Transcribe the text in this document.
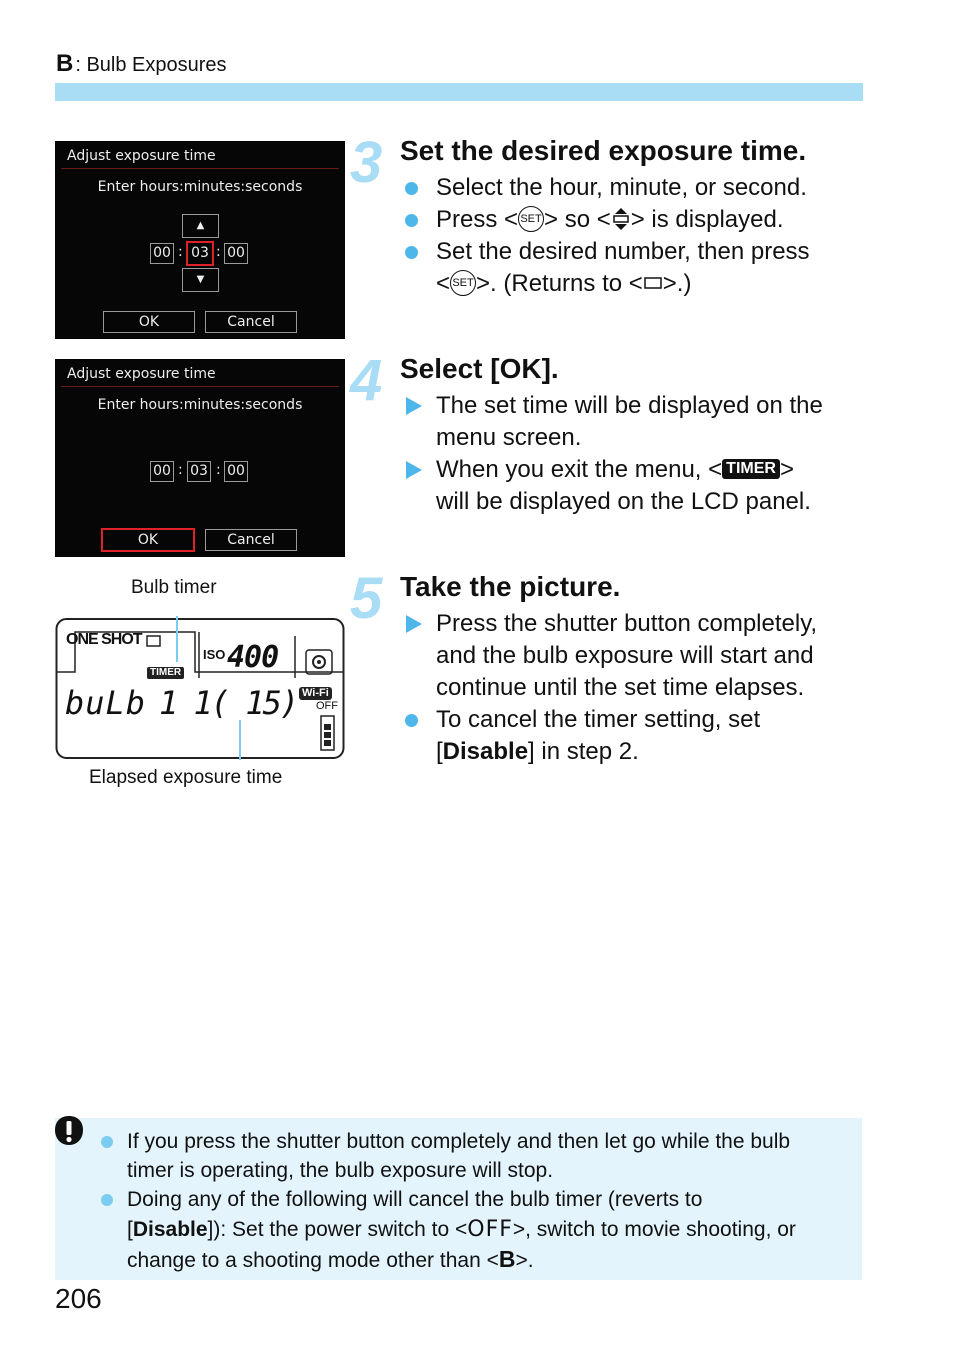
B : Bulb Exposures
Adjust exposure time
Enter hours:minutes:seconds
▲
00 : 03 : 00
▼
OK	Cancel
Adjust exposure time
Enter hours:minutes:seconds
00 : 03 : 00
OK	Cancel
3 Set the desired exposure time.
Select the hour, minute, or second.
Press < SET> so < > is displayed.
Set the desired number, then press
< SET>. (Returns to < >.)
4 Select [OK].
The set time will be displayed on the
menu screen.
When you exit the menu, < TIMER >
will be displayed on the LCD panel.
Bulb timer
Elapsed exposure time
ONE SHOT
TIMER
ISO 400
buLb 1 1( 15) Wi-Fi
OFF
5 Take the picture.
Press the shutter button completely,
and the bulb exposure will start and
continue until the set time elapses.
To cancel the timer setting, set
[Disable] in step 2.
If you press the shutter button completely and then let go while the bulb
timer is operating, the bulb exposure will stop.
Doing any of the following will cancel the bulb timer (reverts to
[Disable]): Set the power switch to <OFF>, switch to movie shooting, or
change to a shooting mode other than <B>.
206
